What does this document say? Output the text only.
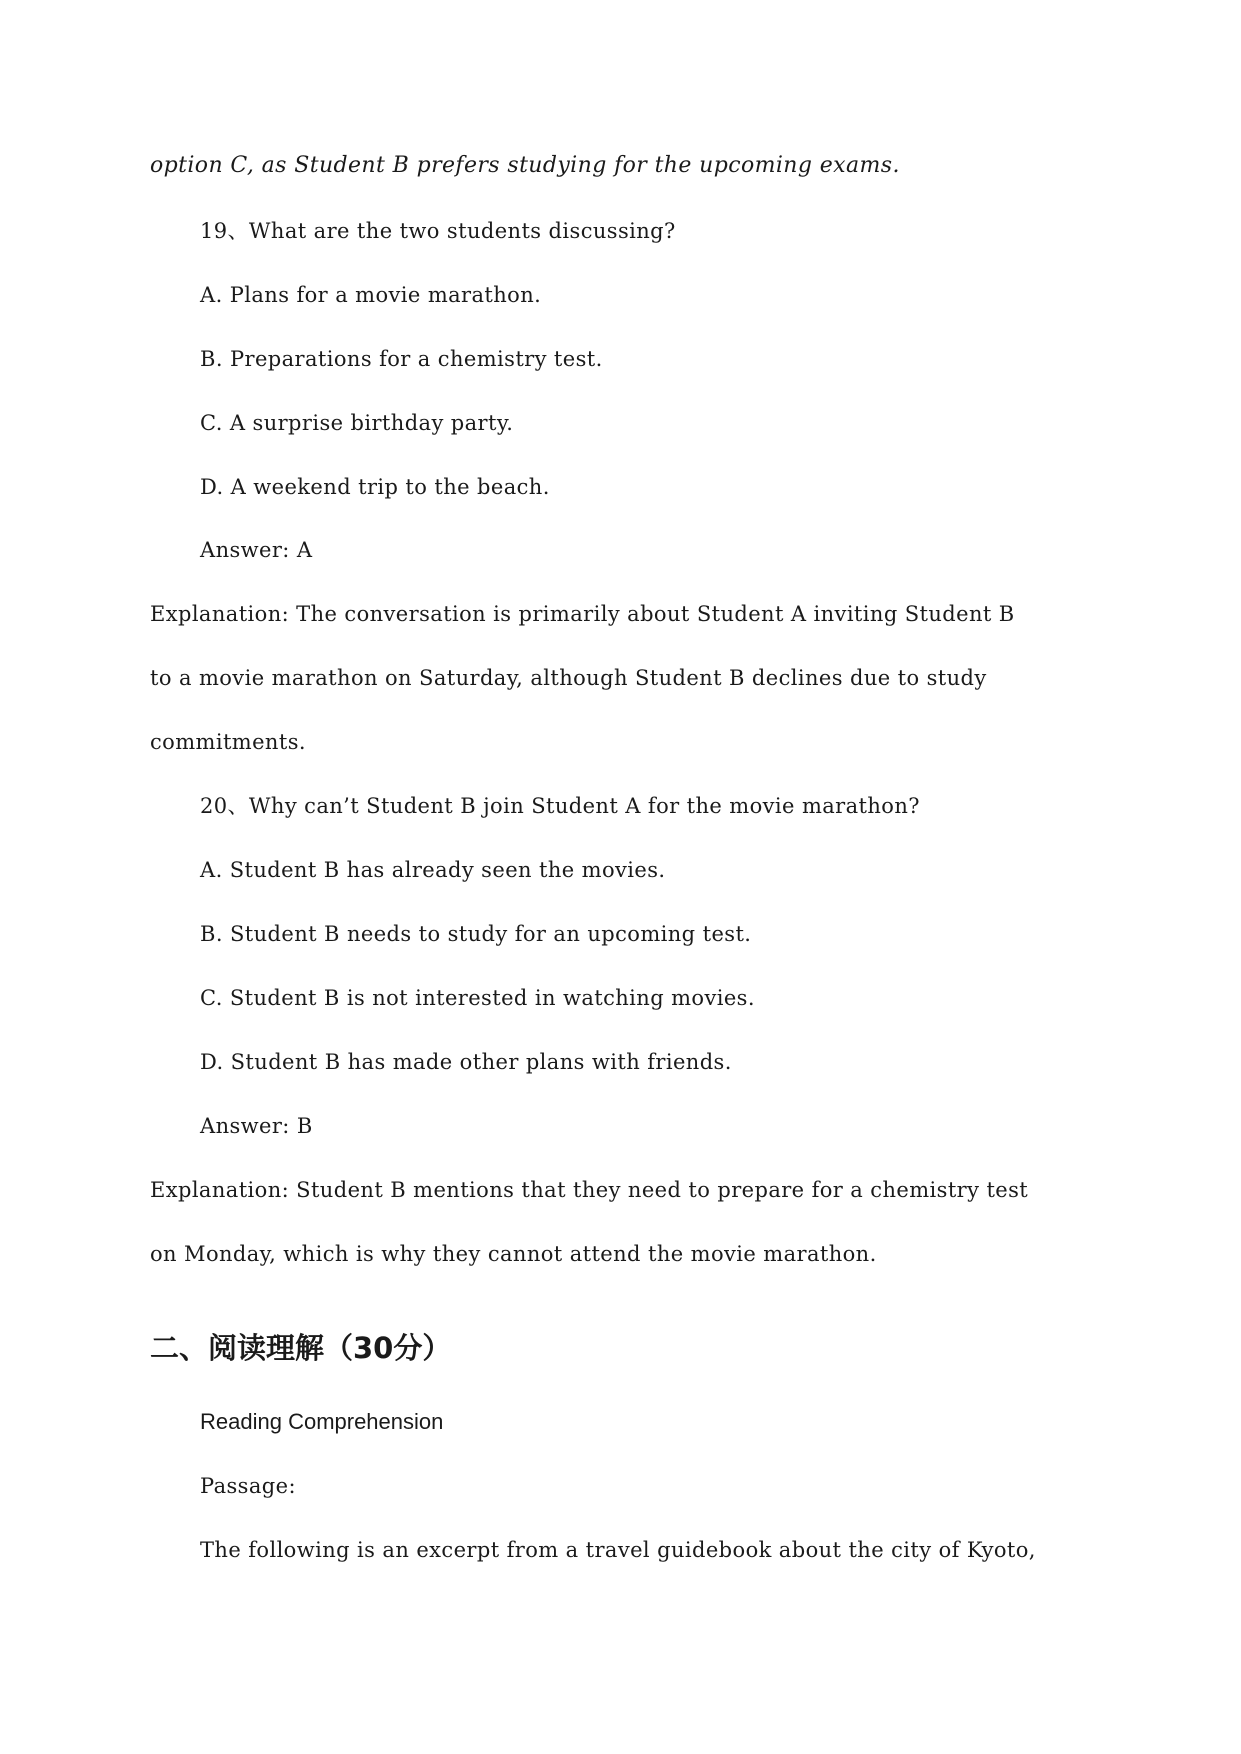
option C, as Student B prefers studying for the upcoming exams.
19、What are the two students discussing?
A. Plans for a movie marathon.
B. Preparations for a chemistry test.
C. A surprise birthday party.
D. A weekend trip to the beach.
Answer: A
Explanation: The conversation is primarily about Student A inviting Student B
to a movie marathon on Saturday, although Student B declines due to study
commitments.
20、Why can’t Student B join Student A for the movie marathon?
A. Student B has already seen the movies.
B. Student B needs to study for an upcoming test.
C. Student B is not interested in watching movies.
D. Student B has made other plans with friends.
Answer: B
Explanation: Student B mentions that they need to prepare for a chemistry test
on Monday, which is why they cannot attend the movie marathon.
二、阅读理解（30分）
Reading Comprehension
Passage:
The following is an excerpt from a travel guidebook about the city of Kyoto,
